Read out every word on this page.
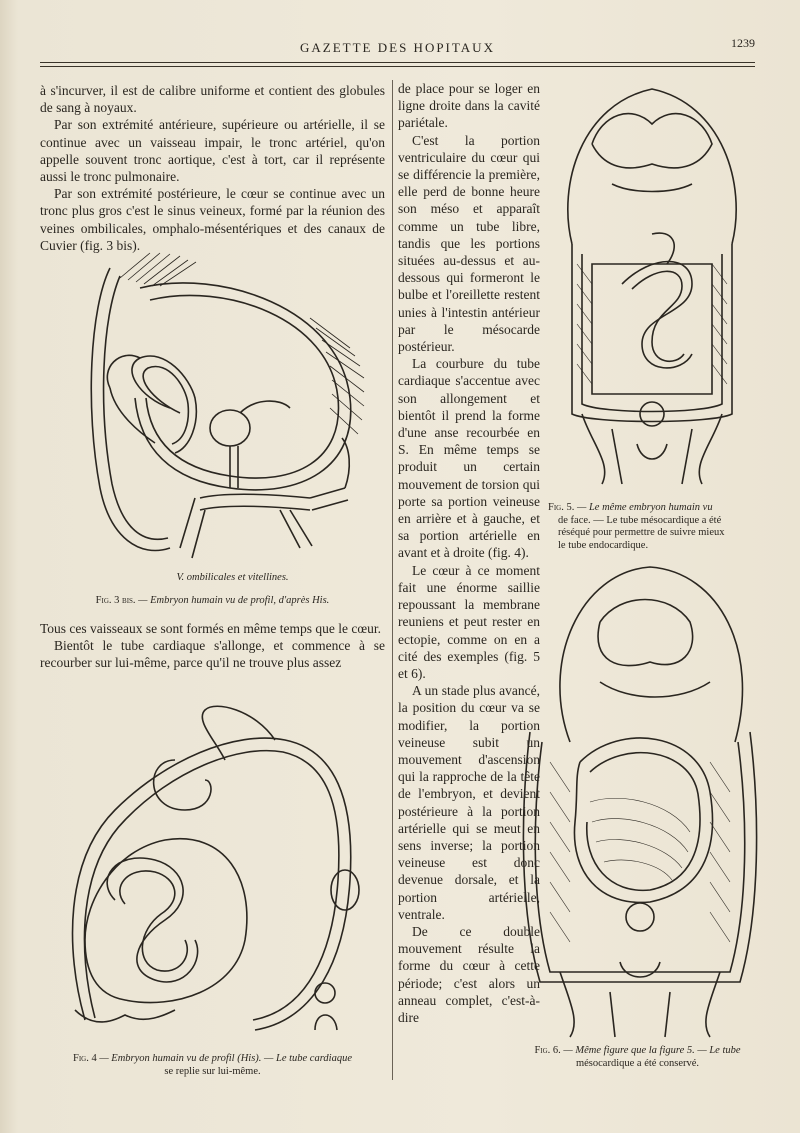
GAZETTE DES HOPITAUX	1239

à s'incurver, il est de calibre uniforme et contient des globules de sang à noyaux.

Par son extrémité antérieure, supérieure ou artérielle, il se continue avec un vaisseau impair, le tronc artériel, qu'on appelle souvent tronc aortique, c'est à tort, car il représente aussi le tronc pulmonaire.

Par son extrémité postérieure, le cœur se continue avec un tronc plus gros c'est le sinus veineux, formé par la réunion des veines ombilicales, omphalo-mésentériques et des canaux de Cuvier (fig. 3 bis).

V. ombilicales et vitellines.
Fig. 3 bis. — Embryon humain vu de profil, d'après His.

Tous ces vaisseaux se sont formés en même temps que le cœur.

Bientôt le tube cardiaque s'allonge, et commence à se recourber sur lui-même, parce qu'il ne trouve plus assez

Fig. 4 — Embryon humain vu de profil (His). — Le tube cardiaque
se replie sur lui-même.

de place pour se loger en ligne droite dans la cavité pariétale.

C'est la portion ventriculaire du cœur qui se différencie la première, elle perd de bonne heure son méso et apparaît comme un tube libre, tandis que les portions situées au-dessus et au-dessous qui formeront le bulbe et l'oreillette restent unies à l'intestin antérieur par le mésocarde postérieur.

La courbure du tube cardiaque s'accentue avec son allongement et bientôt il prend la forme d'une anse recourbée en S. En même temps se produit un certain mouvement de torsion qui porte sa portion veineuse en arrière et à gauche, et sa portion artérielle en avant et à droite (fig. 4).

Le cœur à ce moment fait une énorme saillie repoussant la membrane reuniens et peut rester en ectopie, comme on en a cité des exemples (fig. 5 et 6).

A un stade plus avancé, la position du cœur va se modifier, la portion veineuse subit un mouvement d'ascension qui la rapproche de la tête de l'embryon, et devient postérieure à la portion artérielle qui se meut en sens inverse; la portion veineuse est donc devenue dorsale, et la portion artérielle, ventrale.

De ce double mouvement résulte la forme du cœur à cette période; c'est alors un anneau complet, c'est-à-dire

Fig. 5. — Le même embryon humain vu
de face. — Le tube mésocardique a été
réséqué pour permettre de suivre mieux
le tube endocardique.
Fig. 6. — Même figure que la figure 5. — Le tube
mésocardique a été conservé.
